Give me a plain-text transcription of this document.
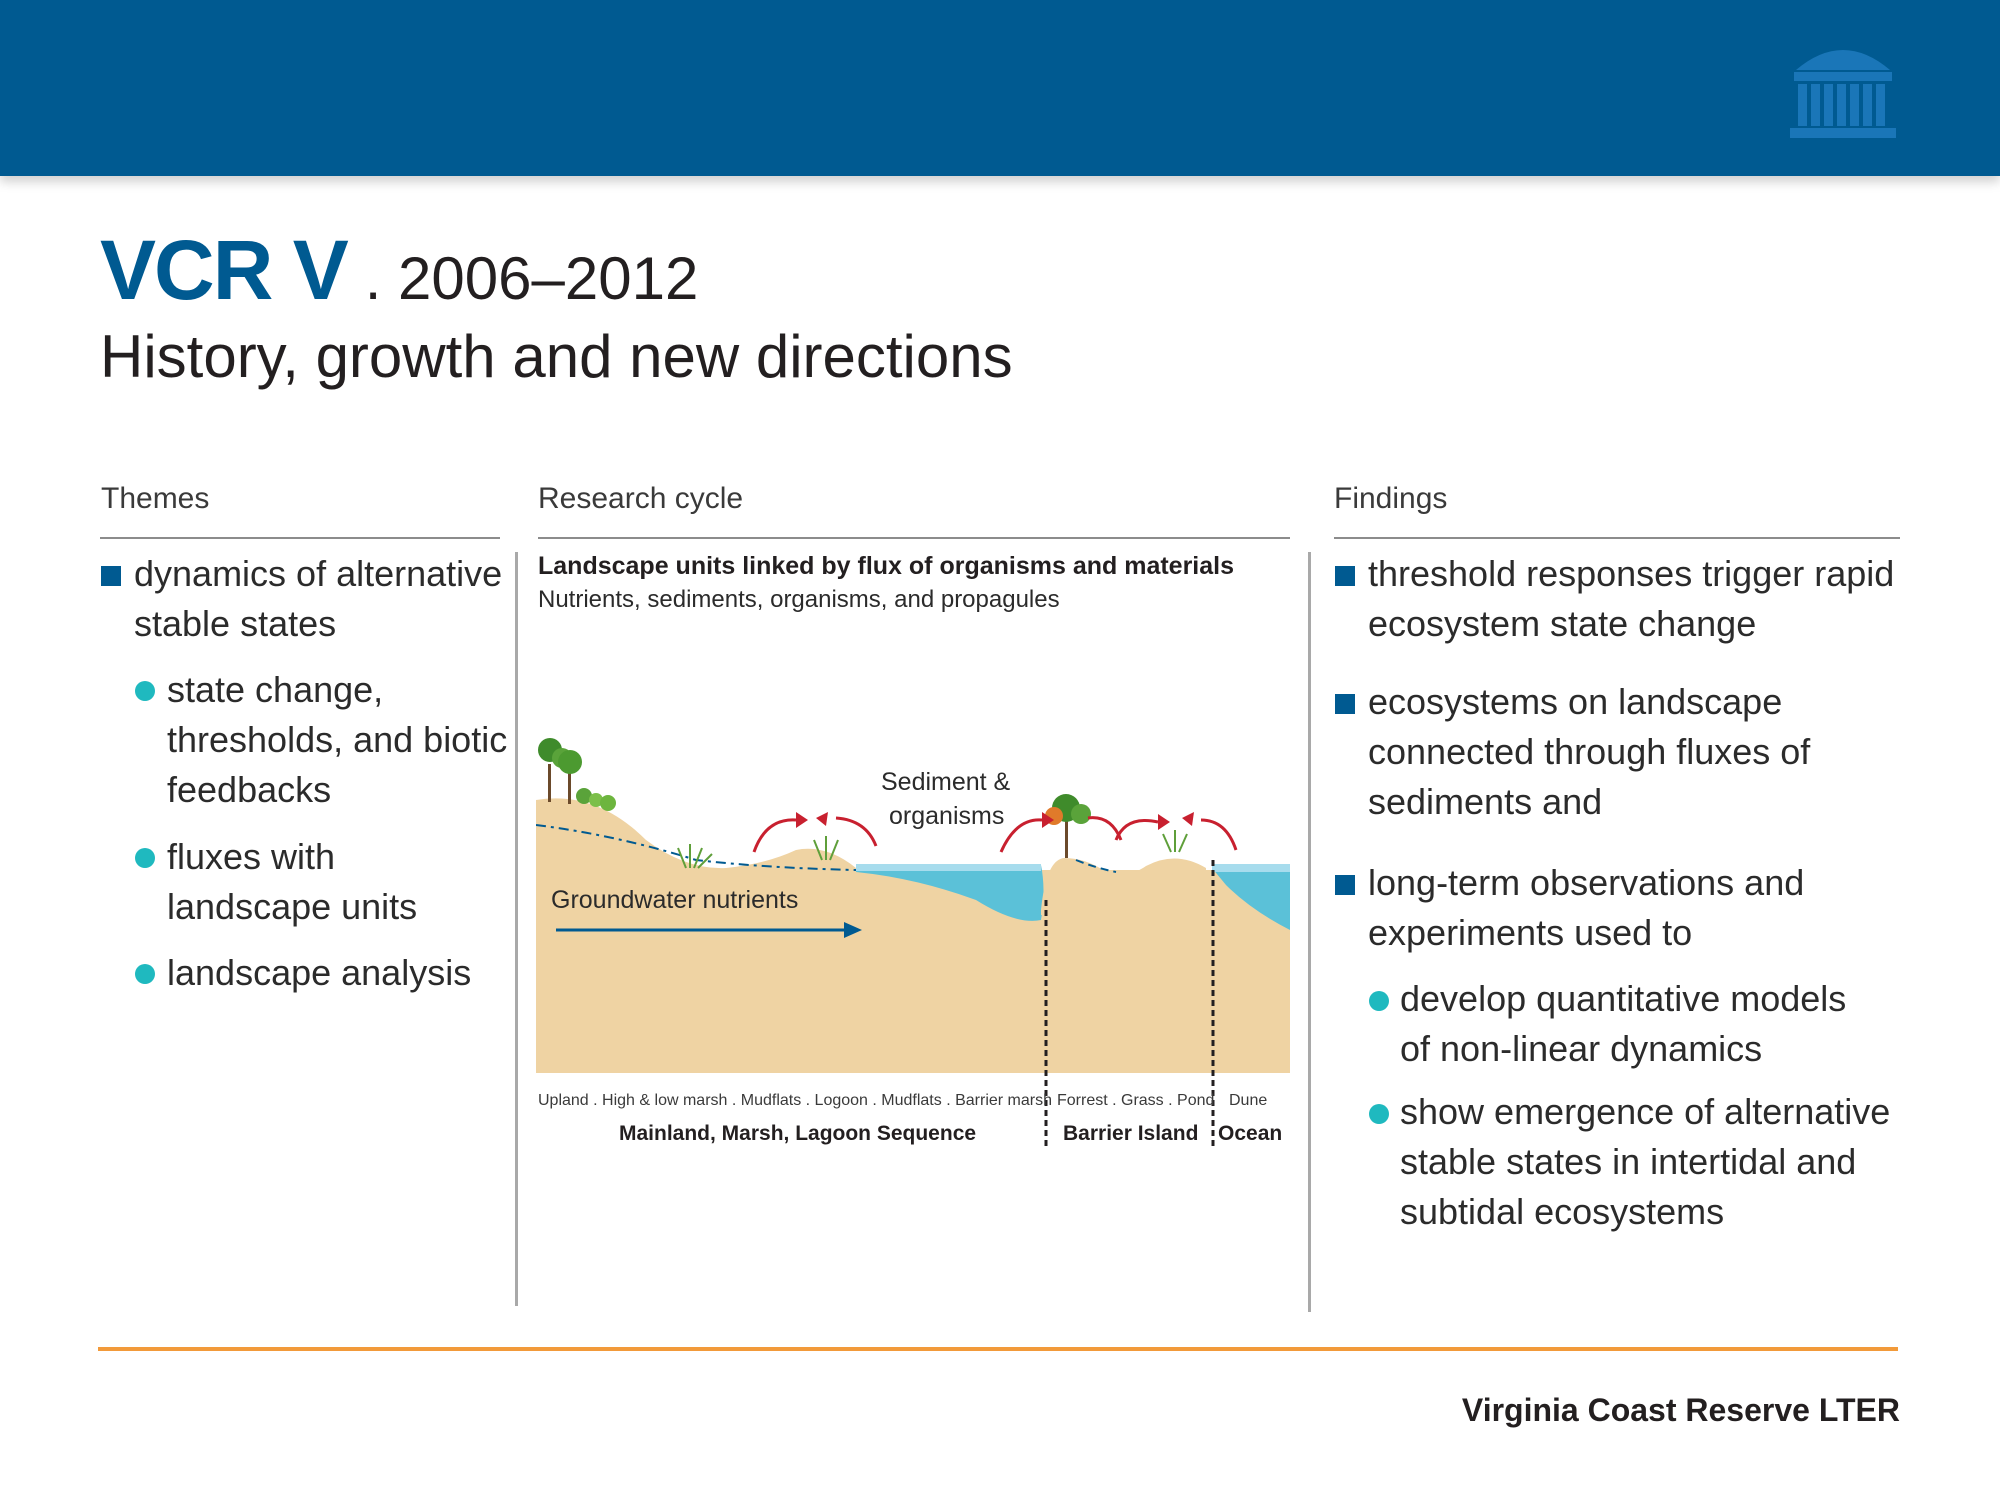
VCR V . 2006–2012
History, growth and new directions
Themes	Research cycle	Findings
dynamics of alternative
stable states
state change,
thresholds, and biotic
feedbacks
fluxes with
landscape units
landscape analysis
Landscape units linked by flux of organisms and materials
Nutrients, sediments, organisms, and propagules
Sediment &
organisms
Groundwater nutrients
Upland . High & low marsh . Mudflats . Logoon . Mudflats . Barrier marsh Forrest . Grass . Pond Dune
Mainland, Marsh, Lagoon Sequence	Barrier Island Ocean
threshold responses trigger rapid
ecosystem state change
ecosystems on landscape
connected through fluxes of
sediments and
long-term observations and
experiments used to
develop quantitative models
of non-linear dynamics
show emergence of alternative
stable states in intertidal and
subtidal ecosystems
Virginia Coast Reserve LTER
